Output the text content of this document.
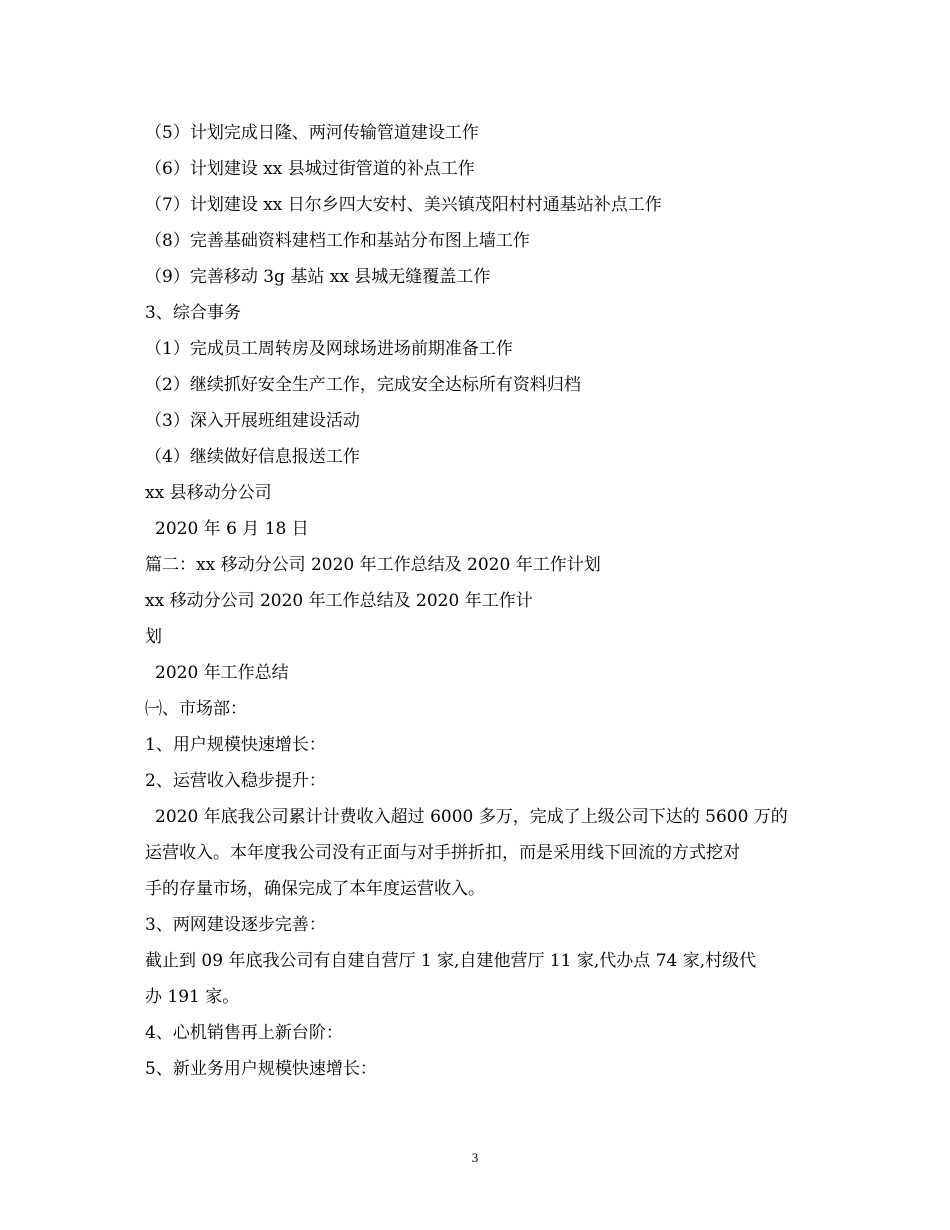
（5）计划完成日隆、两河传输管道建设工作
（6）计划建设 xx 县城过街管道的补点工作
（7）计划建设 xx 日尔乡四大安村、美兴镇茂阳村村通基站补点工作
（8）完善基础资料建档工作和基站分布图上墙工作
（9）完善移动 3g 基站 xx 县城无缝覆盖工作
3、综合事务
（1）完成员工周转房及网球场进场前期准备工作
（2）继续抓好安全生产工作，完成安全达标所有资料归档
（3）深入开展班组建设活动
（4）继续做好信息报送工作
xx 县移动分公司
2020 年 6 月 18 日
篇二：xx 移动分公司 2020 年工作总结及 2020 年工作计划
xx 移动分公司 2020 年工作总结及 2020 年工作计
划
2020 年工作总结
㈠、市场部：
1、用户规模快速增长：
2、运营收入稳步提升：
2020 年底我公司累计计费收入超过 6000 多万，完成了上级公司下达的 5600 万的
运营收入。本年度我公司没有正面与对手拼折扣，而是采用线下回流的方式挖对
手的存量市场，确保完成了本年度运营收入。
3、两网建设逐步完善：
截止到 09 年底我公司有自建自营厅 1 家,自建他营厅 11 家,代办点 74 家,村级代
办 191 家。
4、心机销售再上新台阶：
5、新业务用户规模快速增长：
3
